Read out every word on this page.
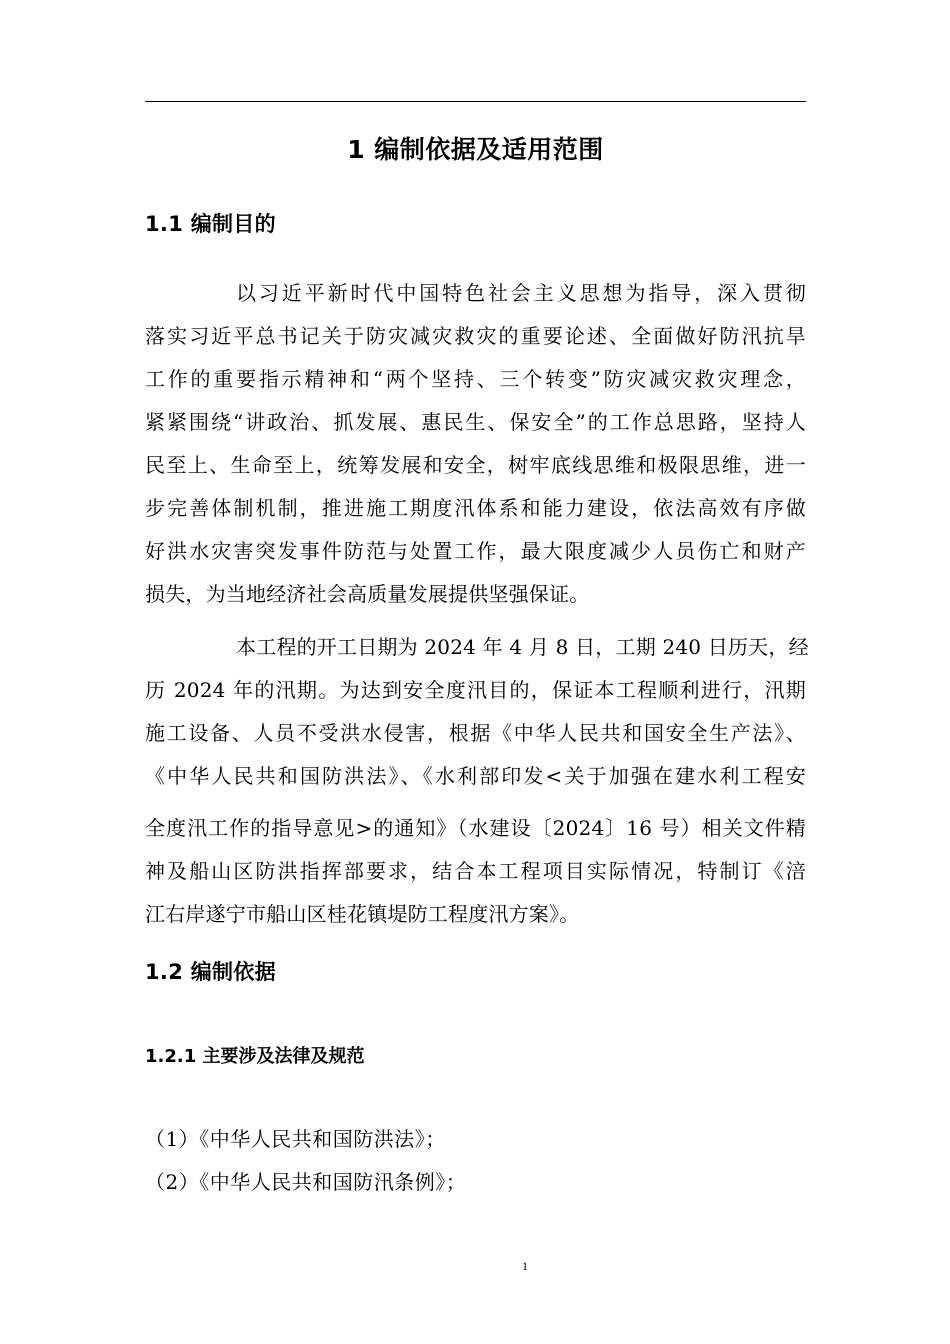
1 编制依据及适用范围
1.1 编制目的
以习近平新时代中国特色社会主义思想为指导，深入贯彻
落实习近平总书记关于防灾减灾救灾的重要论述、全面做好防汛抗旱
工作的重要指示精神和“两个坚持、三个转变”防灾减灾救灾理念，
紧紧围绕“讲政治、抓发展、惠民生、保安全”的工作总思路，坚持人
民至上、生命至上，统筹发展和安全，树牢底线思维和极限思维，进一
步完善体制机制，推进施工期度汛体系和能力建设，依法高效有序做
好洪水灾害突发事件防范与处置工作，最大限度减少人员伤亡和财产
损失，为当地经济社会高质量发展提供坚强保证。
本工程的开工日期为 2024 年 4 月 8 日，工期 240 日历天，经
历 2024 年的汛期。为达到安全度汛目的，保证本工程顺利进行，汛期
施工设备、人员不受洪水侵害，根据《中华人民共和国安全生产法》、
《中华人民共和国防洪法》、《水利部印发<关于加强在建水利工程安
全度汛工作的指导意见>的通知》（水建设〔2024〕16 号）相关文件精
神及船山区防洪指挥部要求，结合本工程项目实际情况，特制订《涪
江右岸遂宁市船山区桂花镇堤防工程度汛方案》。
1.2 编制依据
1.2.1 主要涉及法律及规范
（1）《中华人民共和国防洪法》；
（2）《中华人民共和国防汛条例》；
1
